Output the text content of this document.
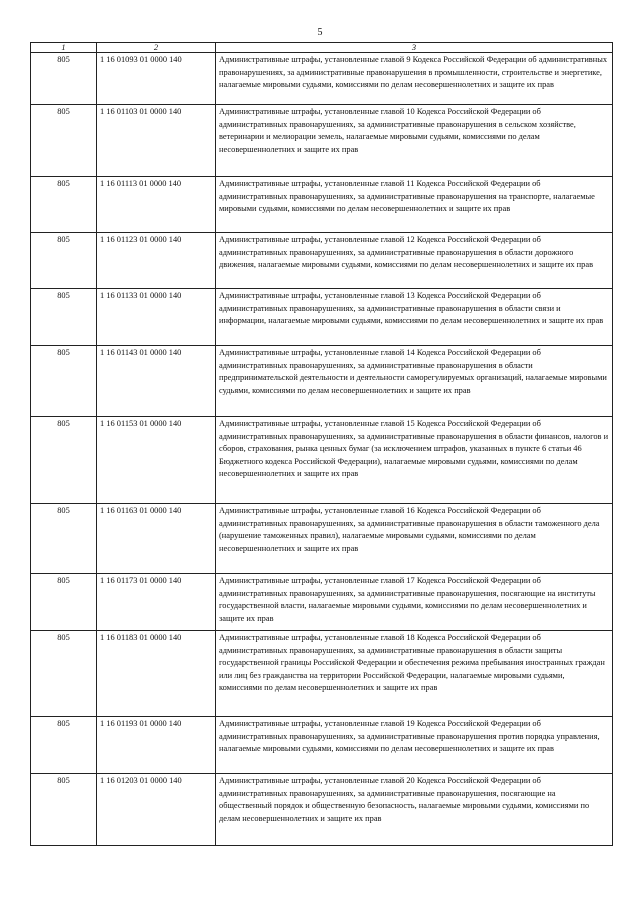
5
1	2	3
805	1 16 01093 01 0000 140	Административные штрафы, установленные главой 9 Кодекса Российской Федерации об административных правонарушениях, за административные правонарушения в промышленности, строительстве и энергетике, налагаемые мировыми судьями, комиссиями по делам несовершеннолетних и защите их прав
805	1 16 01103 01 0000 140	Административные штрафы, установленные главой 10 Кодекса Российской Федерации об административных правонарушениях, за административные правонарушения в сельском хозяйстве, ветеринарии и мелиорации земель, налагаемые мировыми судьями, комиссиями по делам несовершеннолетних и защите их прав
805	1 16 01113 01 0000 140	Административные штрафы, установленные главой 11 Кодекса Российской Федерации об административных правонарушениях, за административные правонарушения на транспорте, налагаемые мировыми судьями, комиссиями по делам несовершеннолетних и защите их прав
805	1 16 01123 01 0000 140	Административные штрафы, установленные главой 12 Кодекса Российской Федерации об административных правонарушениях, за административные правонарушения в области дорожного движения, налагаемые мировыми судьями, комиссиями по делам несовершеннолетних и защите их прав
805	1 16 01133 01 0000 140	Административные штрафы, установленные главой 13 Кодекса Российской Федерации об административных правонарушениях, за административные правонарушения в области связи и информации, налагаемые мировыми судьями, комиссиями по делам несовершеннолетних и защите их прав
805	1 16 01143 01 0000 140	Административные штрафы, установленные главой 14 Кодекса Российской Федерации об административных правонарушениях, за административные правонарушения в области предпринимательской деятельности и деятельности саморегулируемых организаций, налагаемые мировыми судьями, комиссиями по делам несовершеннолетних и защите их прав
805	1 16 01153 01 0000 140	Административные штрафы, установленные главой 15 Кодекса Российской Федерации об административных правонарушениях, за административные правонарушения в области финансов, налогов и сборов, страхования, рынка ценных бумаг (за исключением штрафов, указанных в пункте 6 статьи 46 Бюджетного кодекса Российской Федерации), налагаемые мировыми судьями, комиссиями по делам несовершеннолетних и защите их прав
805	1 16 01163 01 0000 140	Административные штрафы, установленные главой 16 Кодекса Российской Федерации об административных правонарушениях, за административные правонарушения в области таможенного дела (нарушение таможенных правил), налагаемые мировыми судьями, комиссиями по делам несовершеннолетних и защите их прав
805	1 16 01173 01 0000 140	Административные штрафы, установленные главой 17 Кодекса Российской Федерации об административных правонарушениях, за административные правонарушения, посягающие на институты государственной власти, налагаемые мировыми судьями, комиссиями по делам несовершеннолетних и защите их прав
805	1 16 01183 01 0000 140	Административные штрафы, установленные главой 18 Кодекса Российской Федерации об административных правонарушениях, за административные правонарушения в области защиты государственной границы Российской Федерации и обеспечения режима пребывания иностранных граждан или лиц без гражданства на территории Российской Федерации, налагаемые мировыми судьями, комиссиями по делам несовершеннолетних и защите их прав
805	1 16 01193 01 0000 140	Административные штрафы, установленные главой 19 Кодекса Российской Федерации об административных правонарушениях, за административные правонарушения против порядка управления, налагаемые мировыми судьями, комиссиями по делам несовершеннолетних и защите их прав
805	1 16 01203 01 0000 140	Административные штрафы, установленные главой 20 Кодекса Российской Федерации об административных правонарушениях, за административные правонарушения, посягающие на общественный порядок и общественную безопасность, налагаемые мировыми судьями, комиссиями по делам несовершеннолетних и защите их прав
